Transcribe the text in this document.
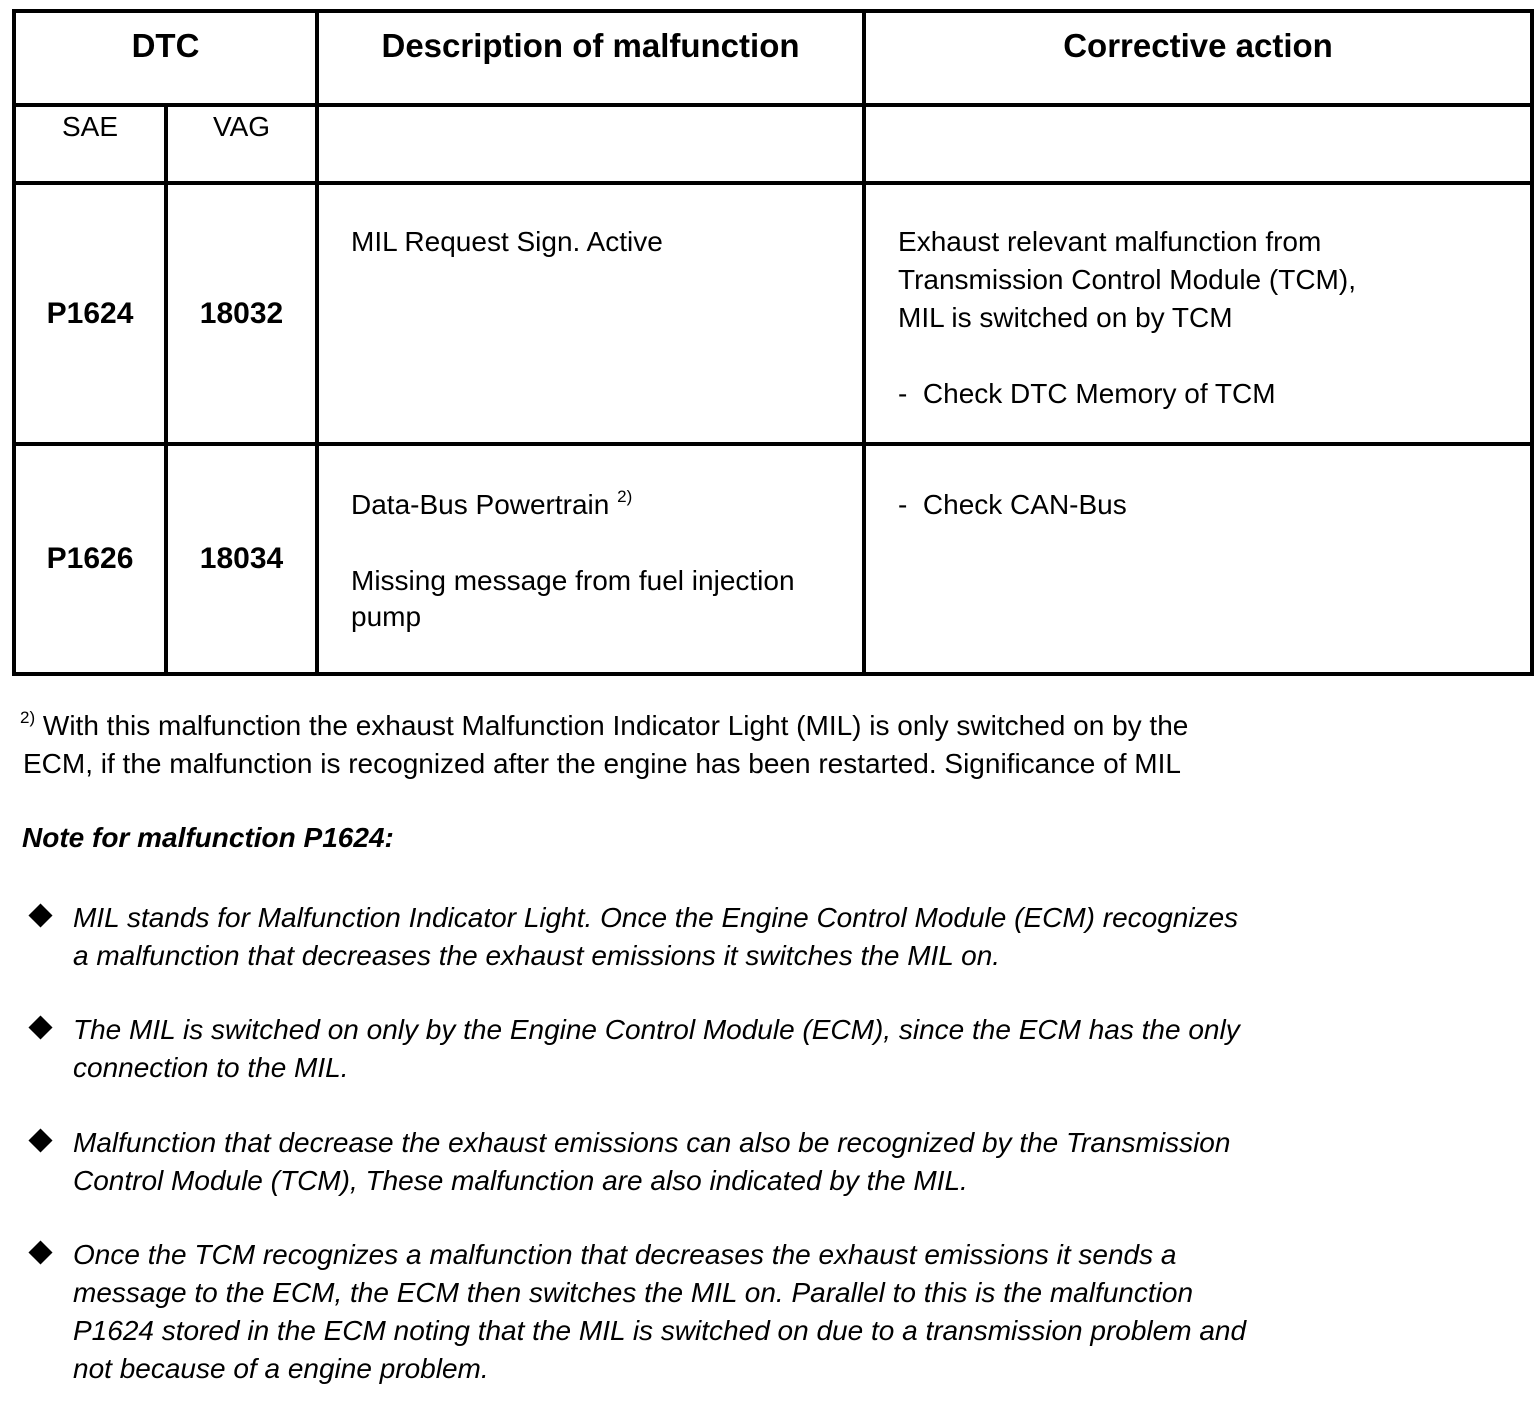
DTC		Description of malfunction	Corrective action
SAE	VAG		
P1624	18032	MIL Request Sign. Active	Exhaust relevant malfunction from
Transmission Control Module (TCM),
MIL is switched on by TCM
-  Check DTC Memory of TCM

P1626	18034	Data-Bus Powertrain $^{2)}$
Missing message from fuel injection
pump	-  Check CAN-Bus
$^{2)}$ With this malfunction the exhaust Malfunction Indicator Light (MIL) is only switched on by the
ECM, if the malfunction is recognized after the engine has been restarted. Significance of MIL
Note for malfunction P1624:
MIL stands for Malfunction Indicator Light. Once the Engine Control Module (ECM) recognizes
a malfunction that decreases the exhaust emissions it switches the MIL on.
The MIL is switched on only by the Engine Control Module (ECM), since the ECM has the only
connection to the MIL.
Malfunction that decrease the exhaust emissions can also be recognized by the Transmission
Control Module (TCM), These malfunction are also indicated by the MIL.
Once the TCM recognizes a malfunction that decreases the exhaust emissions it sends a
message to the ECM, the ECM then switches the MIL on. Parallel to this is the malfunction
P1624 stored in the ECM noting that the MIL is switched on due to a transmission problem and
not because of a engine problem.
